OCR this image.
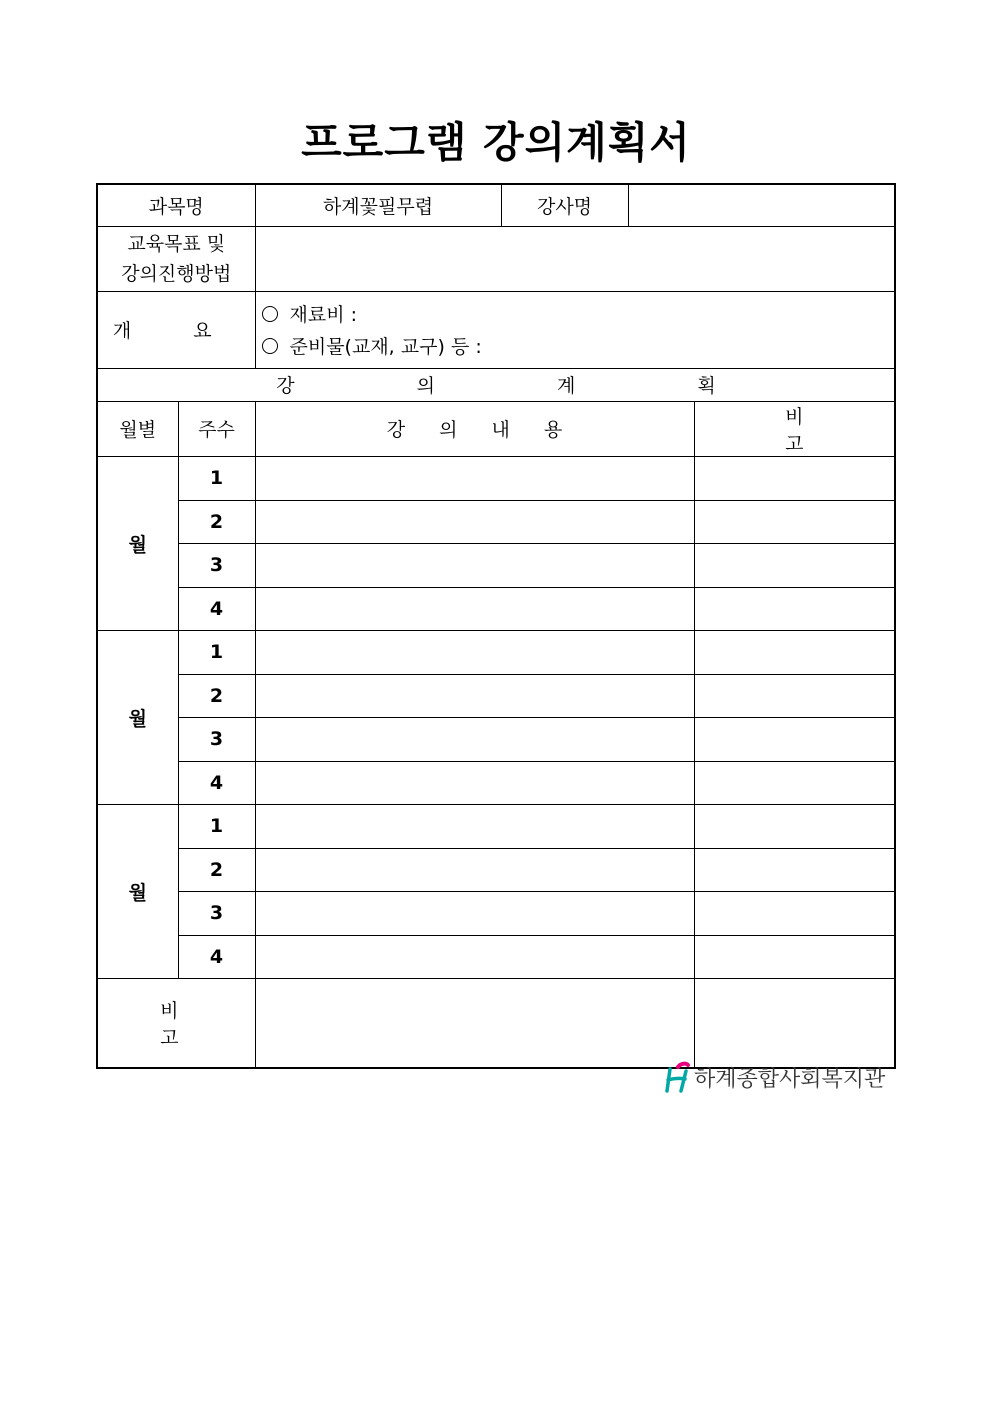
프로그램 강의계획서
과목명		하계꽃필무렵	강사명		

교육목표 및
강의진행방법					

개 요		재료비 :
준비물(교재, 교구) 등 :			

강 의 계 획					
월별	주수	강 의 내 용			비 고
월	1				
	2				
	3				
	4				
월	1				
	2				
	3				
	4				
월	1				
	2				
	3				
	4				
비 고					
하계종합사회복지관
